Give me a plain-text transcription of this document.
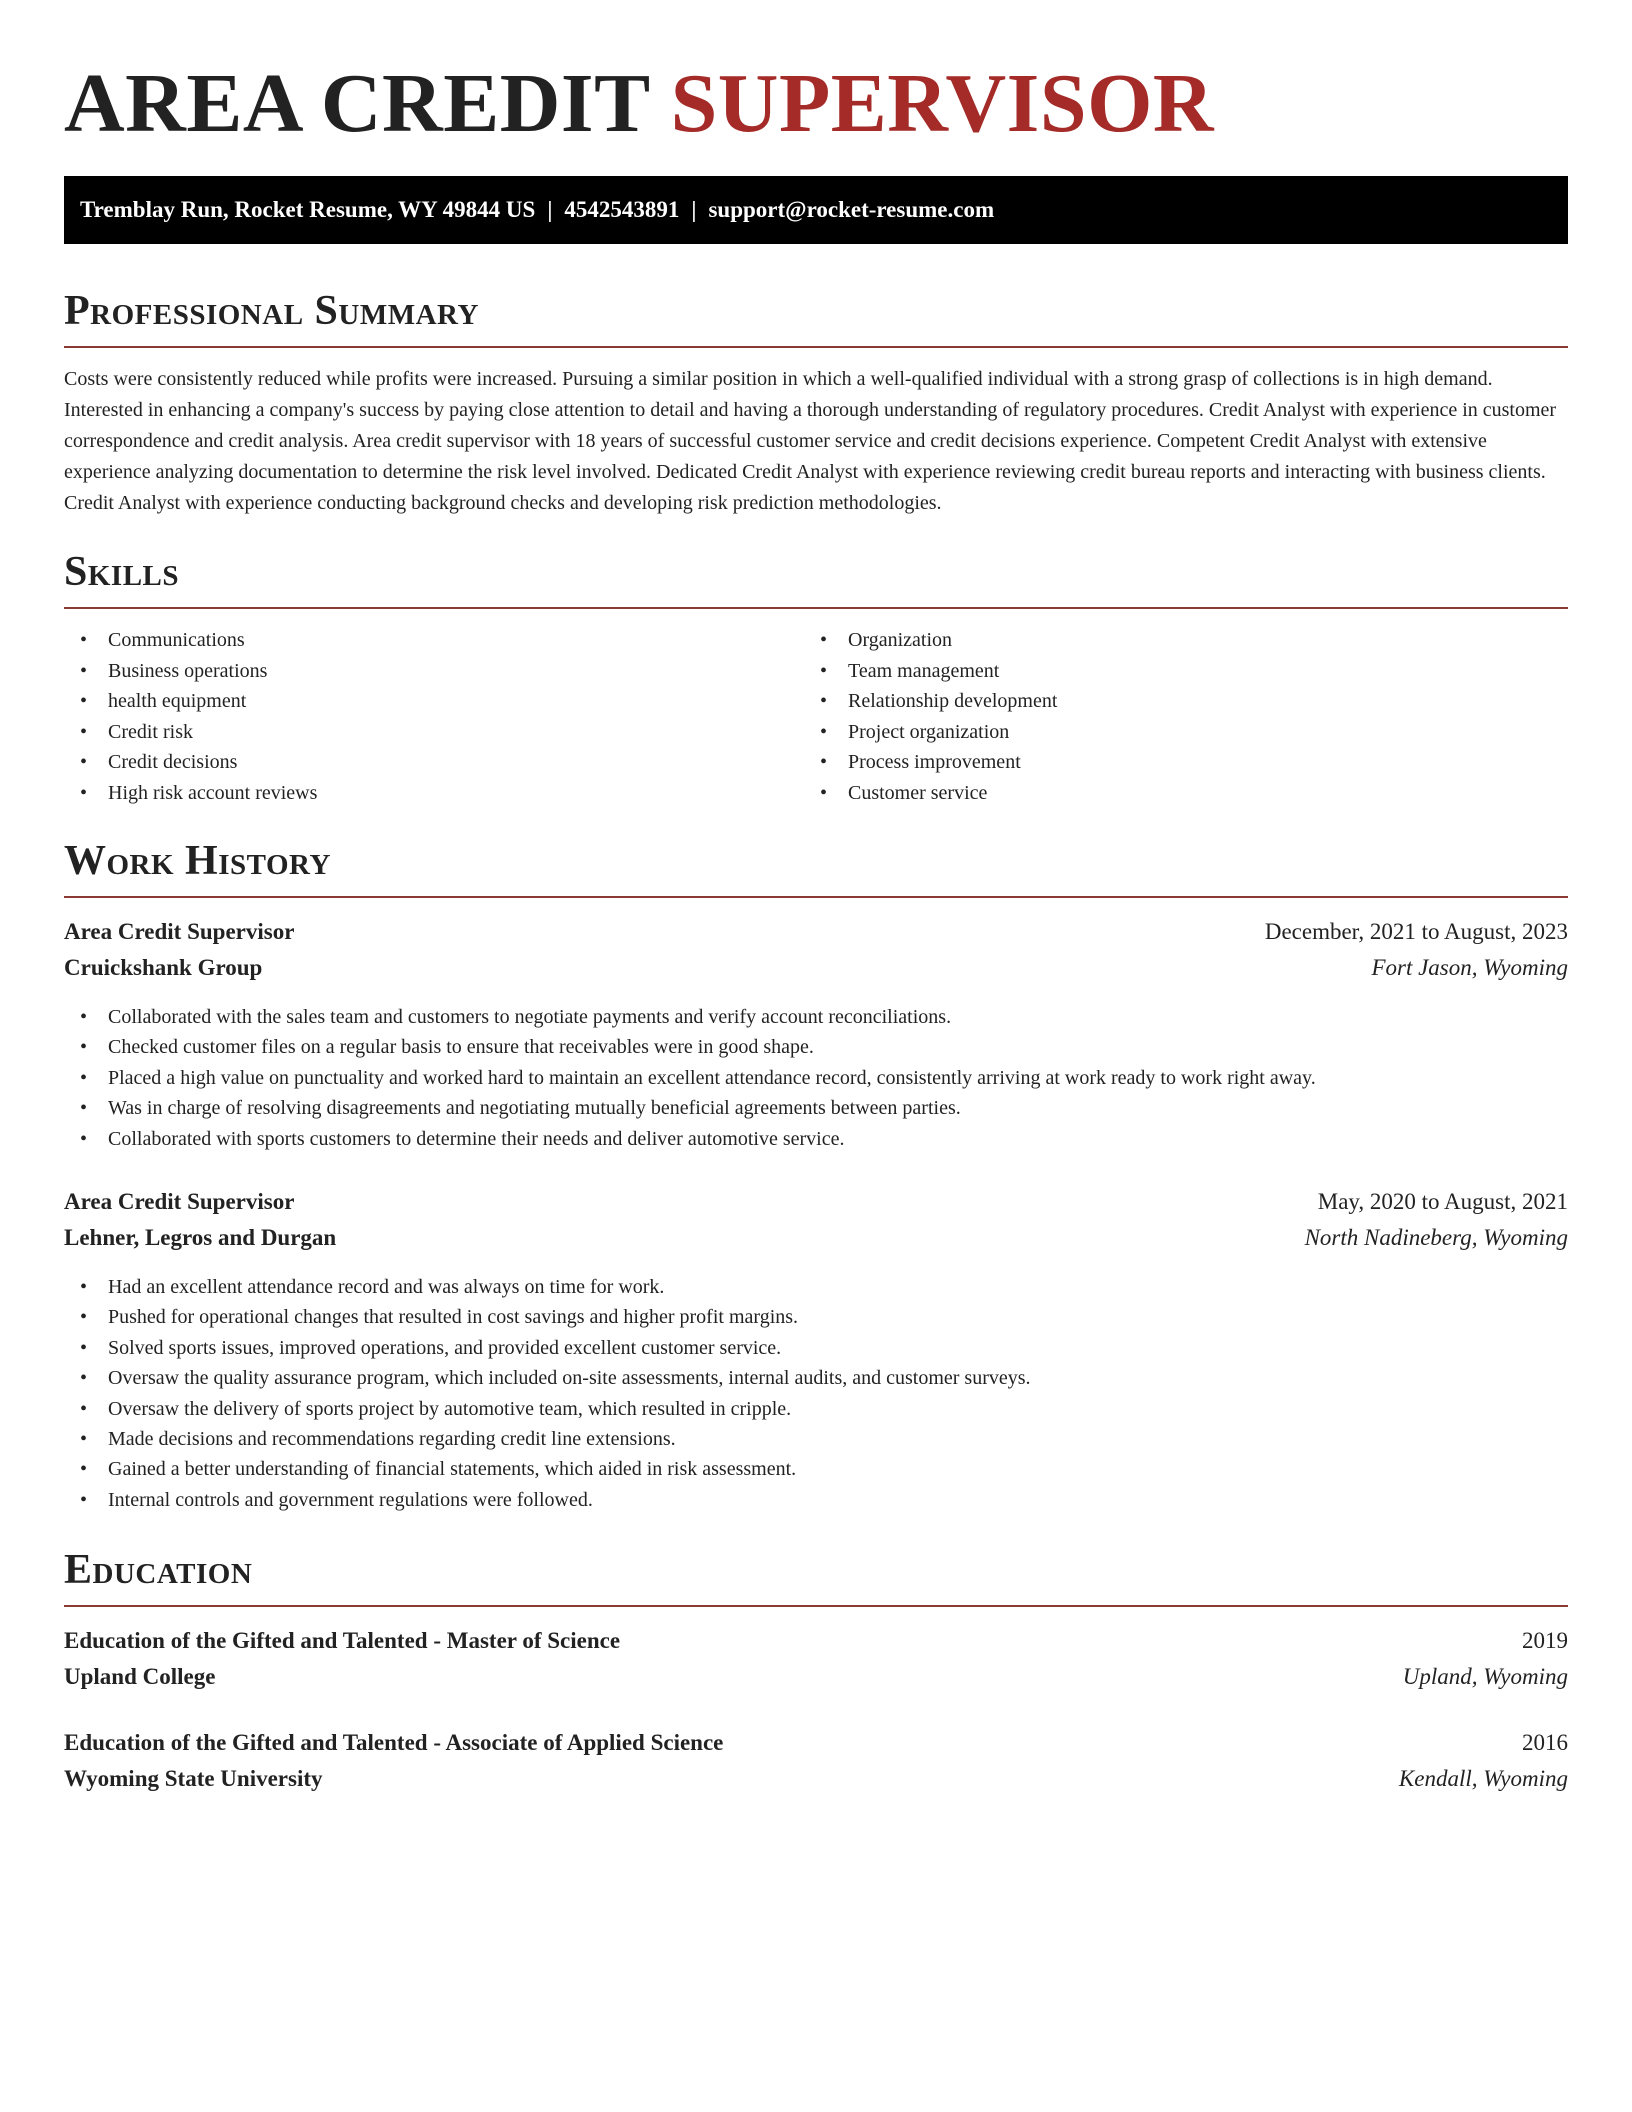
AREA CREDIT SUPERVISOR
Tremblay Run, Rocket Resume, WY 49844 US | 4542543891 | support@rocket-resume.com
Professional Summary

Costs were consistently reduced while profits were increased. Pursuing a similar position in which a well-qualified individual with a strong grasp of collections is in high demand. Interested in enhancing a company's success by paying close attention to detail and having a thorough understanding of regulatory procedures. Credit Analyst with experience in customer correspondence and credit analysis. Area credit supervisor with 18 years of successful customer service and credit decisions experience. Competent Credit Analyst with extensive experience analyzing documentation to determine the risk level involved. Dedicated Credit Analyst with experience reviewing credit bureau reports and interacting with business clients. Credit Analyst with experience conducting background checks and developing risk prediction methodologies.

Skills
• Communications
• Business operations
• health equipment
• Credit risk
• Credit decisions
• High risk account reviews
• Organization
• Team management
• Relationship development
• Project organization
• Process improvement
• Customer service
Work History
Area Credit Supervisor	December, 2021 to August, 2023
Cruickshank Group	Fort Jason, Wyoming
• Collaborated with the sales team and customers to negotiate payments and verify account reconciliations.
• Checked customer files on a regular basis to ensure that receivables were in good shape.
• Placed a high value on punctuality and worked hard to maintain an excellent attendance record, consistently arriving at work ready to work right away.
• Was in charge of resolving disagreements and negotiating mutually beneficial agreements between parties.
• Collaborated with sports customers to determine their needs and deliver automotive service.
Area Credit Supervisor	May, 2020 to August, 2021
Lehner, Legros and Durgan	North Nadineberg, Wyoming
• Had an excellent attendance record and was always on time for work.
• Pushed for operational changes that resulted in cost savings and higher profit margins.
• Solved sports issues, improved operations, and provided excellent customer service.
• Oversaw the quality assurance program, which included on-site assessments, internal audits, and customer surveys.
• Oversaw the delivery of sports project by automotive team, which resulted in cripple.
• Made decisions and recommendations regarding credit line extensions.
• Gained a better understanding of financial statements, which aided in risk assessment.
• Internal controls and government regulations were followed.
Education
Education of the Gifted and Talented - Master of Science	2019
Upland College	Upland, Wyoming
Education of the Gifted and Talented - Associate of Applied Science	2016
Wyoming State University	Kendall, Wyoming
